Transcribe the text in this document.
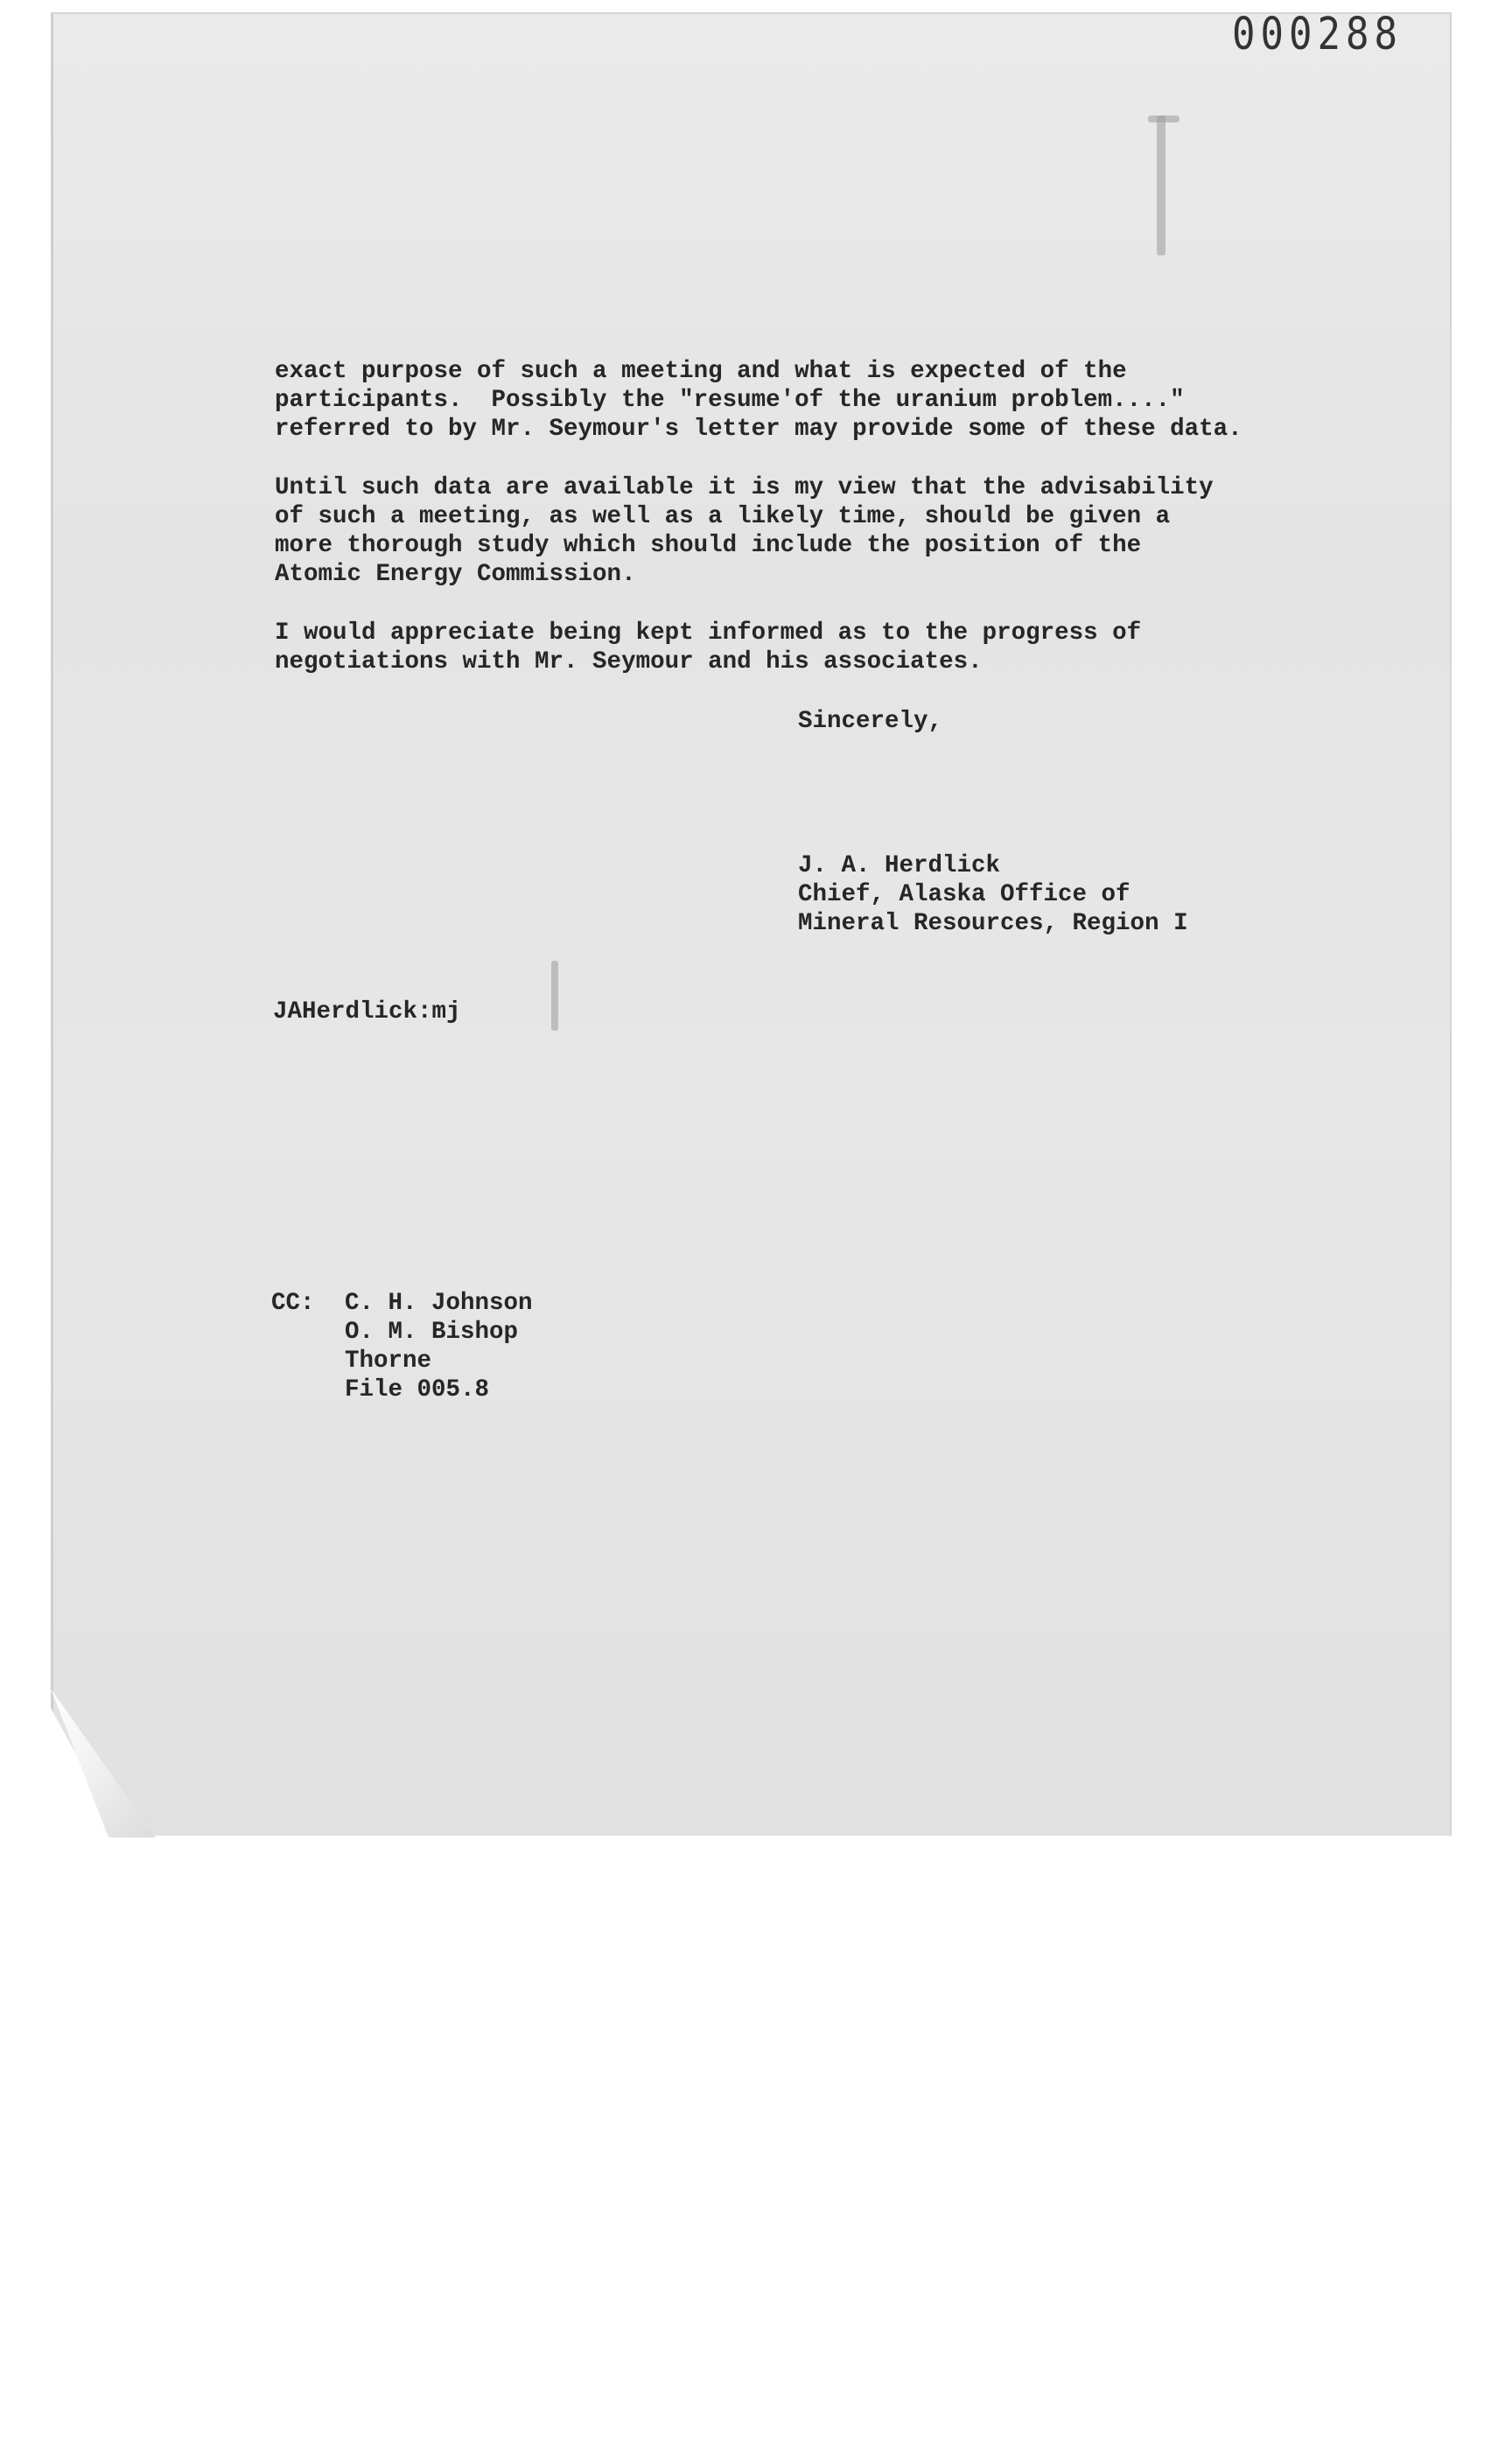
000288
exact purpose of such a meeting and what is expected of the
participants.  Possibly the "resume'of the uranium problem...."
referred to by Mr. Seymour's letter may provide some of these data.
Until such data are available it is my view that the advisability
of such a meeting, as well as a likely time, should be given a
more thorough study which should include the position of the
Atomic Energy Commission.
I would appreciate being kept informed as to the progress of
negotiations with Mr. Seymour and his associates.
Sincerely,
J. A. Herdlick
Chief, Alaska Office of
Mineral Resources, Region I
JAHerdlick:mj
CC: C. H. Johnson
O. M. Bishop
Thorne
File 005.8
